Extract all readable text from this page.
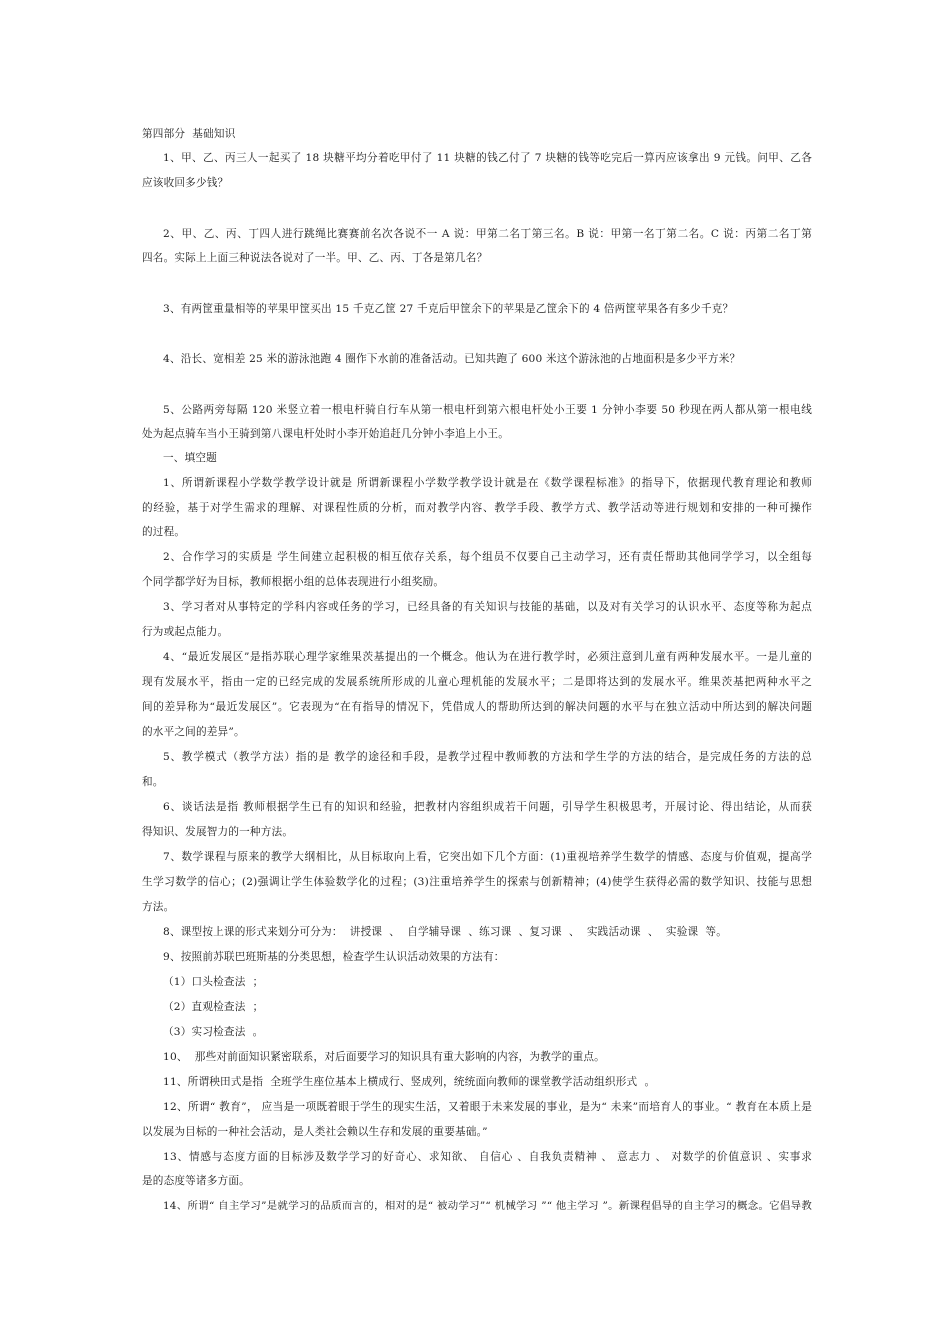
第四部分  基础知识
1、甲、乙、丙三人一起买了 18 块糖平均分着吃甲付了 11 块糖的钱乙付了 7 块糖的钱等吃完后一算丙应该拿出 9 元钱。问甲、乙各
应该收回多少钱？
2、甲、乙、丙、丁四人进行跳绳比赛赛前名次各说不一 A 说：甲第二名丁第三名。B 说：甲第一名丁第二名。C 说：丙第二名丁第
四名。实际上上面三种说法各说对了一半。甲、乙、丙、丁各是第几名？
3、有两筐重量相等的苹果甲筐买出 15 千克乙筐 27 千克后甲筐余下的苹果是乙筐余下的 4 倍两筐苹果各有多少千克？
4、沿长、宽相差 25 米的游泳池跑 4 圈作下水前的准备活动。已知共跑了 600 米这个游泳池的占地面积是多少平方米？
5、公路两旁每隔 120 米竖立着一根电杆骑自行车从第一根电杆到第六根电杆处小王要 1 分钟小李要 50 秒现在两人都从第一根电线
处为起点骑车当小王骑到第八课电杆处时小李开始追赶几分钟小李追上小王。
一、填空题
1、所谓新课程小学数学教学设计就是 所谓新课程小学数学教学设计就是在《数学课程标准》的指导下，依据现代教育理论和教师
的经验，基于对学生需求的理解、对课程性质的分析，而对教学内容、教学手段、教学方式、教学活动等进行规划和安排的一种可操作
的过程。
2、合作学习的实质是 学生间建立起积极的相互依存关系，每个组员不仅要自己主动学习，还有责任帮助其他同学学习，以全组每
个同学都学好为目标，教师根据小组的总体表现进行小组奖励。
3、学习者对从事特定的学科内容或任务的学习，已经具备的有关知识与技能的基础，以及对有关学习的认识水平、态度等称为起点
行为或起点能力。
4、“最近发展区”是指苏联心理学家维果茨基提出的一个概念。他认为在进行教学时，必须注意到儿童有两种发展水平。一是儿童的
现有发展水平，指由一定的已经完成的发展系统所形成的儿童心理机能的发展水平；二是即将达到的发展水平。维果茨基把两种水平之
间的差异称为“最近发展区”。它表现为“在有指导的情况下，凭借成人的帮助所达到的解决问题的水平与在独立活动中所达到的解决问题
的水平之间的差异”。
5、教学模式（教学方法）指的是 教学的途径和手段，是教学过程中教师教的方法和学生学的方法的结合，是完成任务的方法的总
和。
6、谈话法是指 教师根据学生已有的知识和经验，把教材内容组织成若干问题，引导学生积极思考，开展讨论、得出结论，从而获
得知识、发展智力的一种方法。
7、数学课程与原来的教学大纲相比，从目标取向上看，它突出如下几个方面：(1)重视培养学生数学的情感、态度与价值观，提高学
生学习数学的信心；(2)强调让学生体验数学化的过程；(3)注重培养学生的探索与创新精神；(4)使学生获得必需的数学知识、技能与思想
方法。
8、课型按上课的形式来划分可分为：  讲授课  、  自学辅导课  、练习课  、复习课  、  实践活动课  、  实验课  等。
9、按照前苏联巴班斯基的分类思想，检查学生认识活动效果的方法有：
（1）口头检查法  ；
（2）直观检查法  ；
（3）实习检查法  。
10、  那些对前面知识紧密联系，对后面要学习的知识具有重大影响的内容，为教学的重点。
11、所谓秧田式是指  全班学生座位基本上横成行、竖成列，统统面向教师的课堂教学活动组织形式  。
12、所谓“ 教育”， 应当是一项既着眼于学生的现实生活，又着眼于未来发展的事业，是为“ 未来”而培育人的事业。“ 教育在本质上是
以发展为目标的一种社会活动，是人类社会赖以生存和发展的重要基础。”
13、情感与态度方面的目标涉及数学学习的好奇心、求知欲、 自信心 、自我负责精神 、 意志力 、 对数学的价值意识 、实事求
是的态度等诸多方面。
14、所谓“ 自主学习”是就学习的品质而言的，相对的是“ 被动学习”“ 机械学习 ”“ 他主学习 ”。新课程倡导的自主学习的概念。它倡导教
